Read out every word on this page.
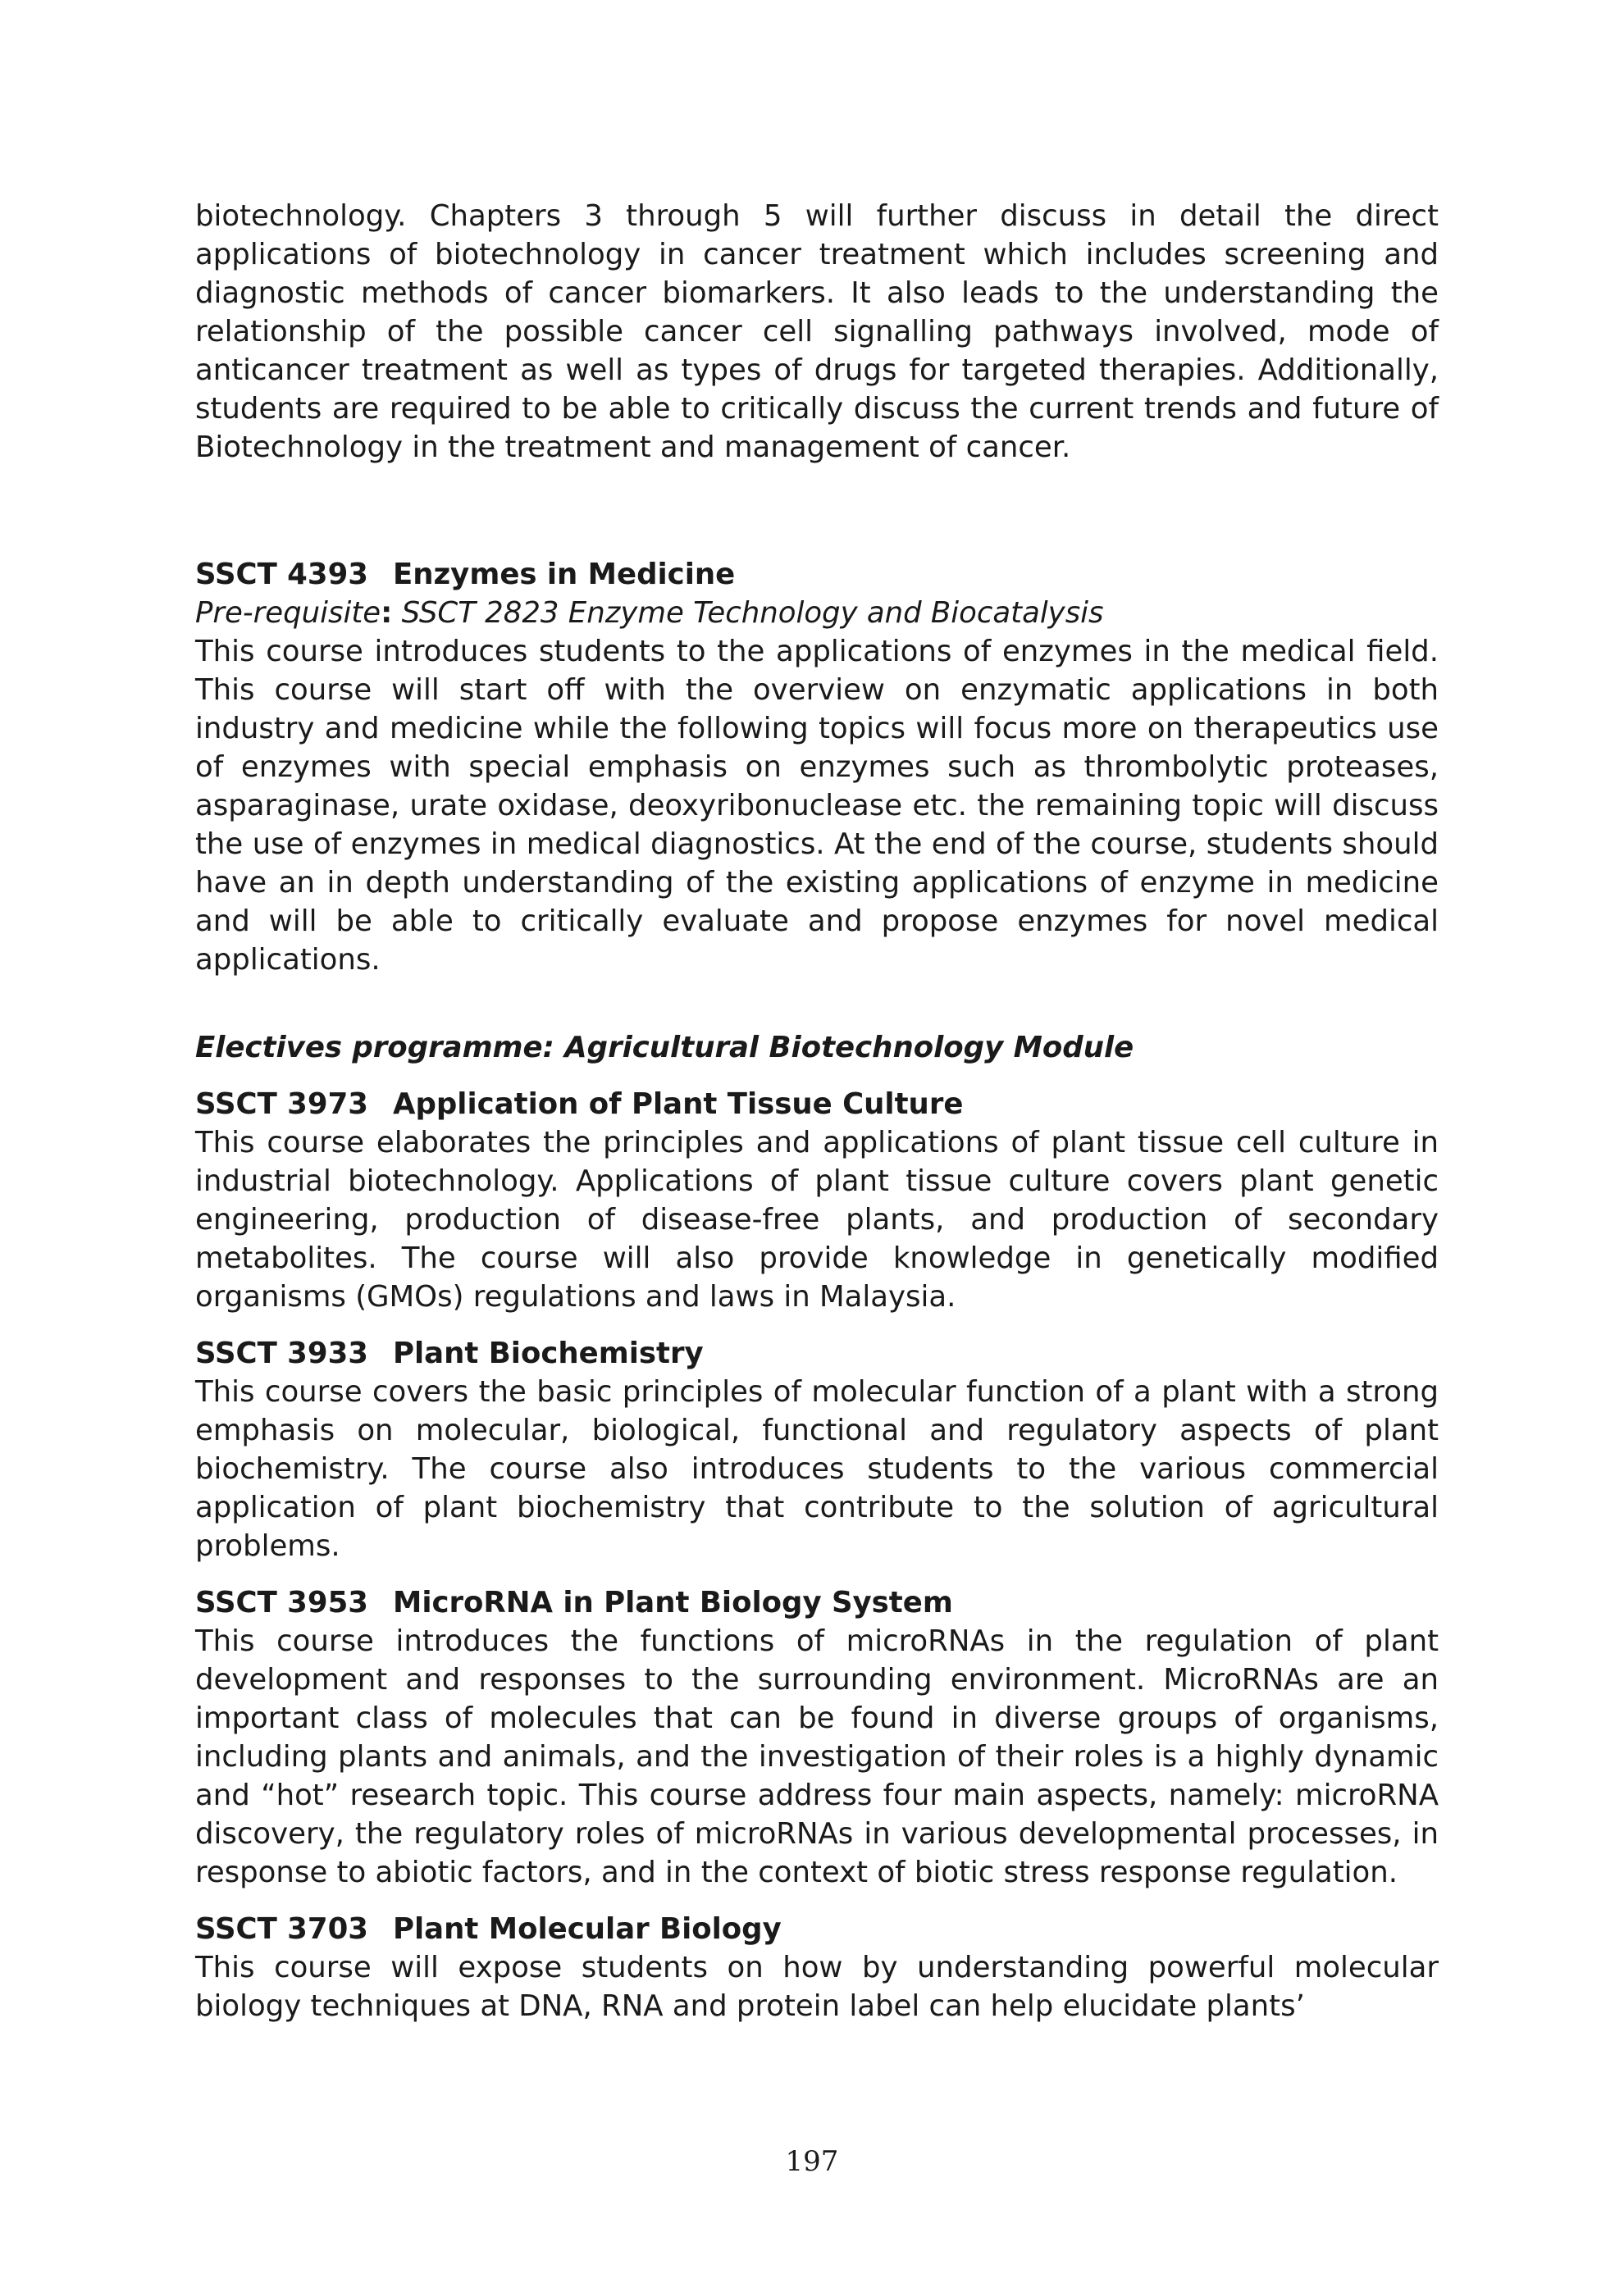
biotechnology. Chapters 3 through 5 will further discuss in detail the direct applications of biotechnology in cancer treatment which includes screening and diagnostic methods of cancer biomarkers. It also leads to the understanding the relationship of the possible cancer cell signalling pathways involved, mode of anticancer treatment as well as types of drugs for targeted therapies. Additionally, students are required to be able to critically discuss the current trends and future of Biotechnology in the treatment and management of cancer.

SSCT 4393 Enzymes in Medicine

Pre-requisite: SSCT 2823 Enzyme Technology and Biocatalysis

This course introduces students to the applications of enzymes in the medical field. This course will start off with the overview on enzymatic applications in both industry and medicine while the following topics will focus more on therapeutics use of enzymes with special emphasis on enzymes such as thrombolytic proteases, asparaginase, urate oxidase, deoxyribonuclease etc. the remaining topic will discuss the use of enzymes in medical diagnostics. At the end of the course, students should have an in depth understanding of the existing applications of enzyme in medicine and will be able to critically evaluate and propose enzymes for novel medical applications.

Electives programme: Agricultural Biotechnology Module
SSCT 3973 Application of Plant Tissue Culture

This course elaborates the principles and applications of plant tissue cell culture in industrial biotechnology. Applications of plant tissue culture covers plant genetic engineering, production of disease-free plants, and production of secondary metabolites. The course will also provide knowledge in genetically modified organisms (GMOs) regulations and laws in Malaysia.

SSCT 3933 Plant Biochemistry

This course covers the basic principles of molecular function of a plant with a strong emphasis on molecular, biological, functional and regulatory aspects of plant biochemistry. The course also introduces students to the various commercial application of plant biochemistry that contribute to the solution of agricultural problems.

SSCT 3953 MicroRNA in Plant Biology System

This course introduces the functions of microRNAs in the regulation of plant development and responses to the surrounding environment. MicroRNAs are an important class of molecules that can be found in diverse groups of organisms, including plants and animals, and the investigation of their roles is a highly dynamic and “hot” research topic. This course address four main aspects, namely: microRNA discovery, the regulatory roles of microRNAs in various developmental processes, in response to abiotic factors, and in the context of biotic stress response regulation.

SSCT 3703 Plant Molecular Biology

This course will expose students on how by understanding powerful molecular biology techniques at DNA, RNA and protein label can help elucidate plants’

197
